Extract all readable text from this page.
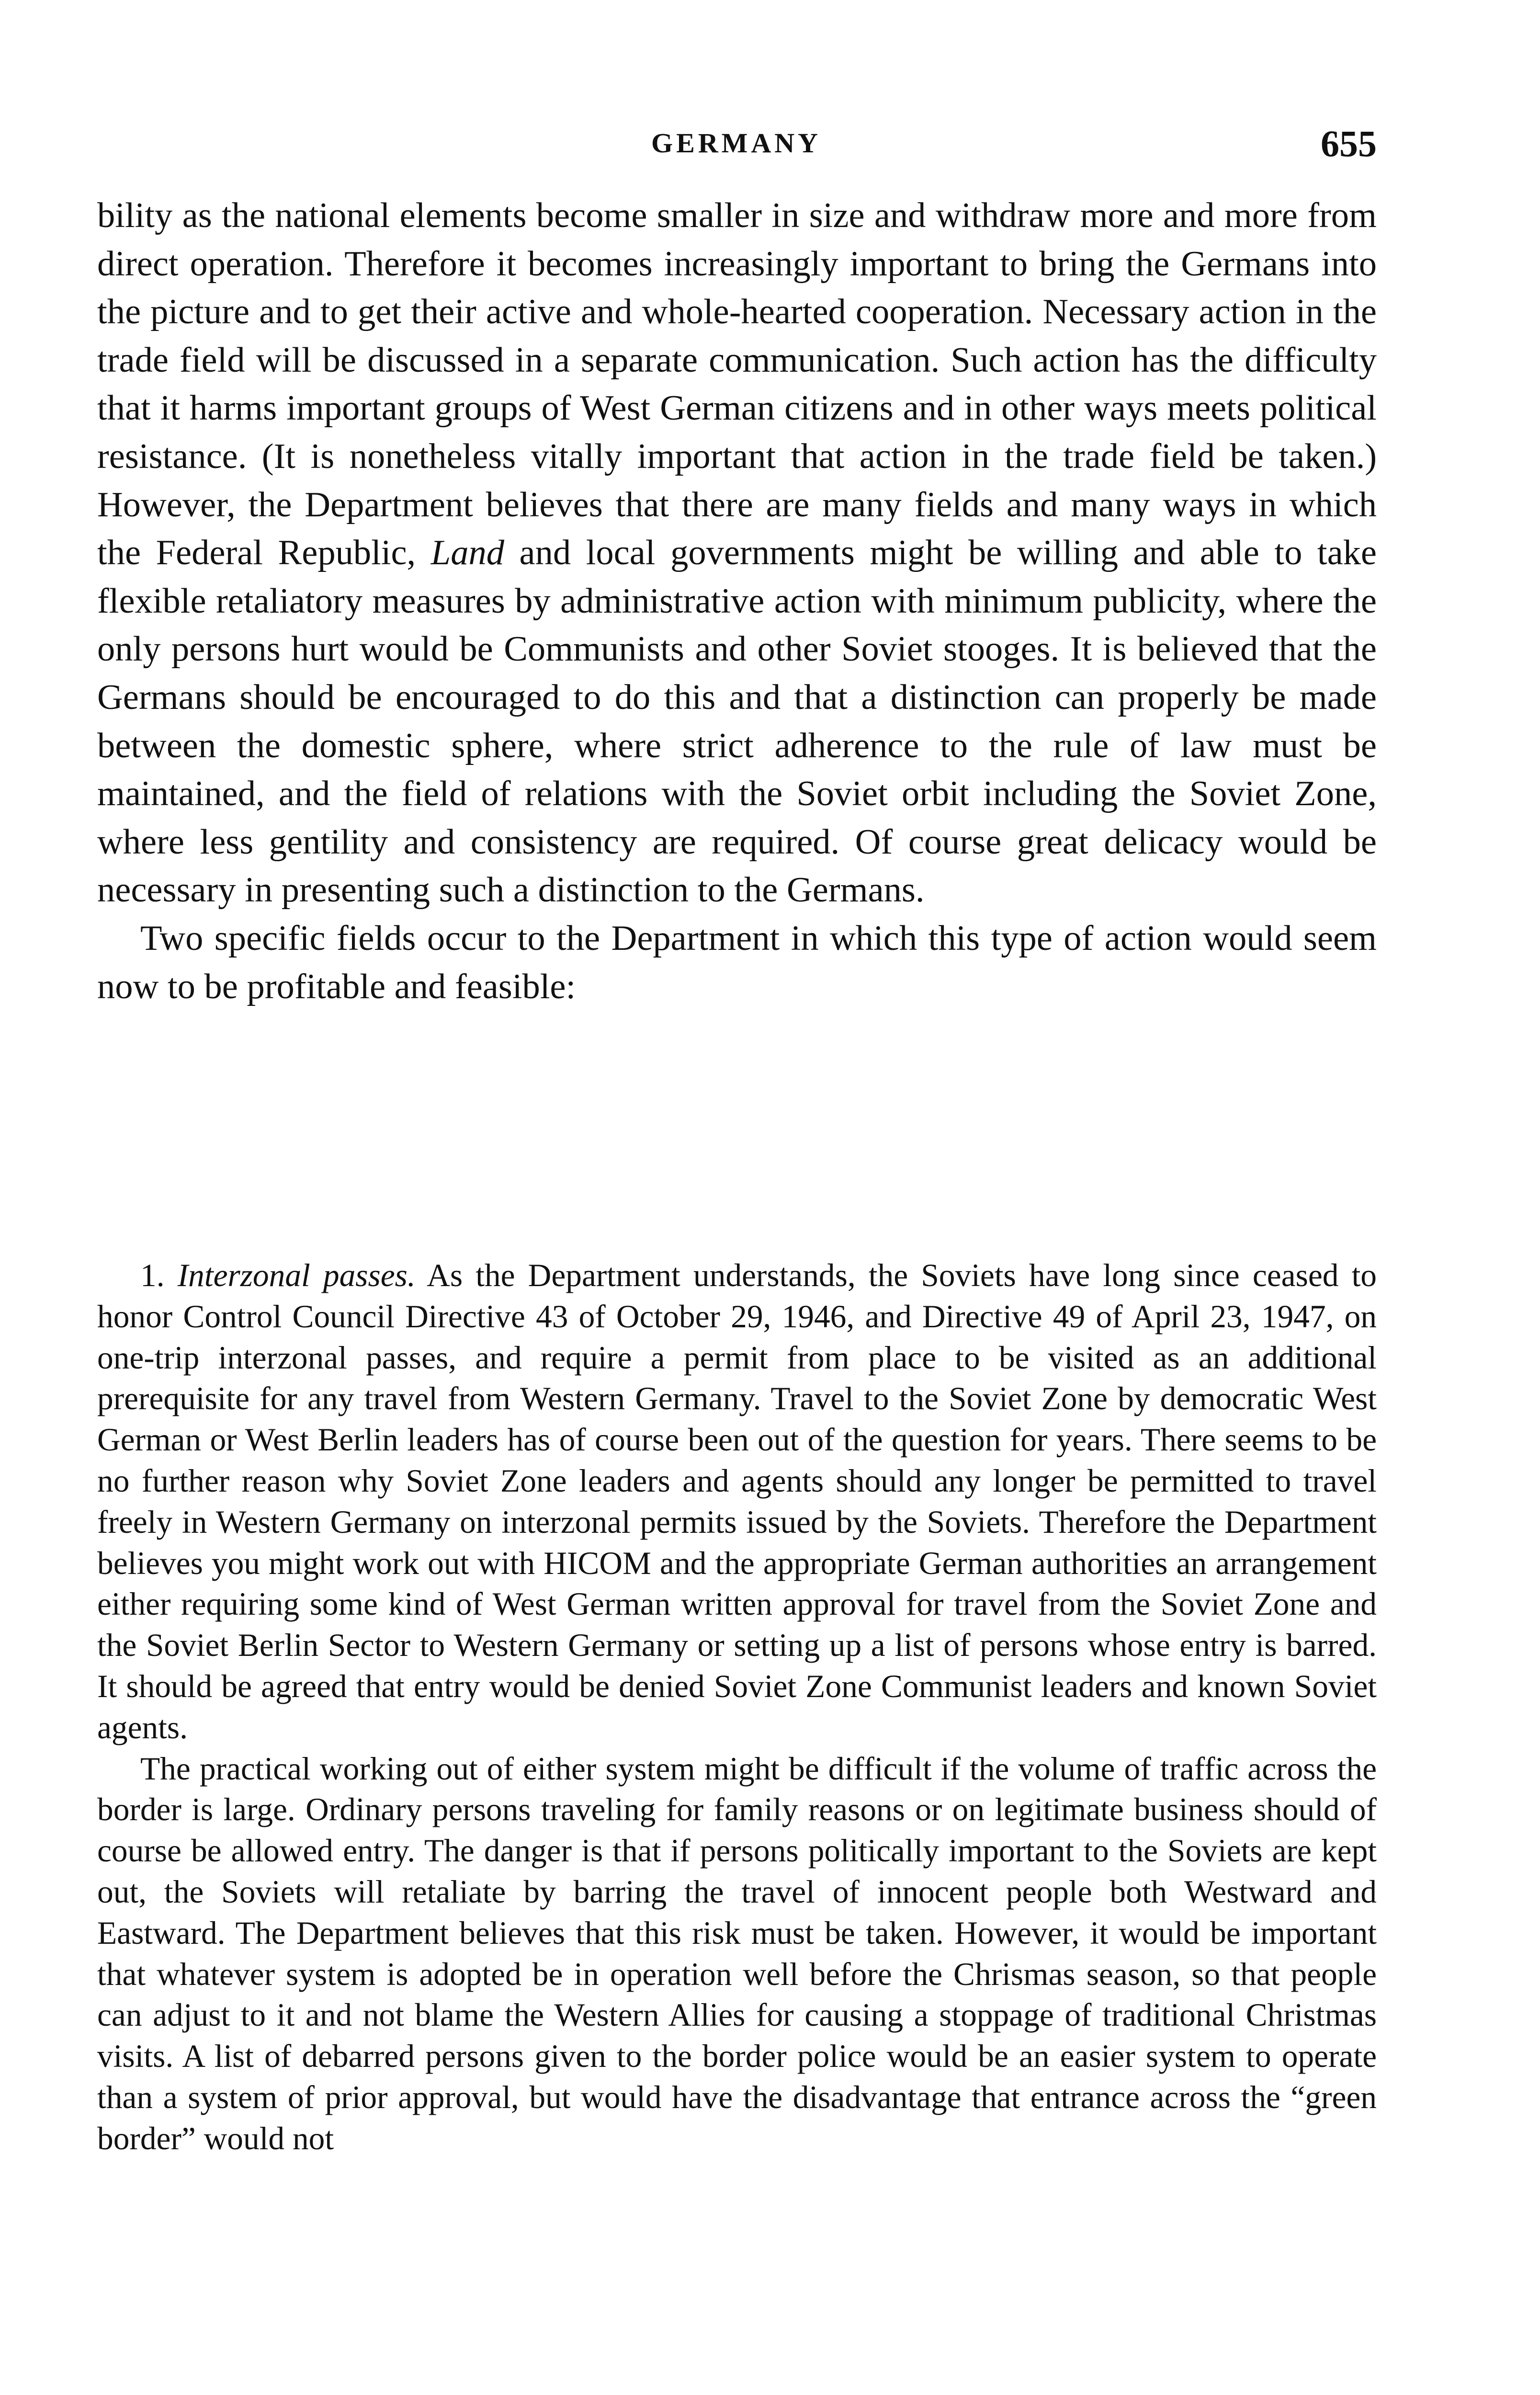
GERMANY	655

bility as the national elements become smaller in size and withdraw more and more from direct operation. Therefore it becomes increasingly important to bring the Germans into the picture and to get their active and whole-hearted cooperation. Necessary action in the trade field will be discussed in a separate communication. Such action has the difficulty that it harms important groups of West German citizens and in other ways meets political resistance. (It is nonetheless vitally important that action in the trade field be taken.) However, the Department believes that there are many fields and many ways in which the Federal Republic, Land and local governments might be willing and able to take flexible retaliatory measures by administrative action with minimum publicity, where the only persons hurt would be Communists and other Soviet stooges. It is believed that the Germans should be encouraged to do this and that a distinction can properly be made between the domestic sphere, where strict adherence to the rule of law must be maintained, and the field of relations with the Soviet orbit including the Soviet Zone, where less gentility and consistency are required. Of course great delicacy would be necessary in presenting such a distinction to the Germans.

Two specific fields occur to the Department in which this type of action would seem now to be profitable and feasible:

1. Interzonal passes. As the Department understands, the Soviets have long since ceased to honor Control Council Directive 43 of October 29, 1946, and Directive 49 of April 23, 1947, on one-trip interzonal passes, and require a permit from place to be visited as an additional prerequisite for any travel from Western Germany. Travel to the Soviet Zone by democratic West German or West Berlin leaders has of course been out of the question for years. There seems to be no further reason why Soviet Zone leaders and agents should any longer be permitted to travel freely in Western Germany on interzonal permits issued by the Soviets. Therefore the Department believes you might work out with HICOM and the appropriate German authorities an arrangement either requiring some kind of West German written approval for travel from the Soviet Zone and the Soviet Berlin Sector to Western Germany or setting up a list of persons whose entry is barred. It should be agreed that entry would be denied Soviet Zone Communist leaders and known Soviet agents.

The practical working out of either system might be difficult if the volume of traffic across the border is large. Ordinary persons traveling for family reasons or on legitimate business should of course be allowed entry. The danger is that if persons politically important to the Soviets are kept out, the Soviets will retaliate by barring the travel of innocent people both Westward and Eastward. The Department believes that this risk must be taken. However, it would be important that whatever system is adopted be in operation well before the Chrismas season, so that people can adjust to it and not blame the Western Allies for causing a stoppage of traditional Christmas visits. A list of debarred persons given to the border police would be an easier system to operate than a system of prior approval, but would have the disadvantage that entrance across the “green border” would not
